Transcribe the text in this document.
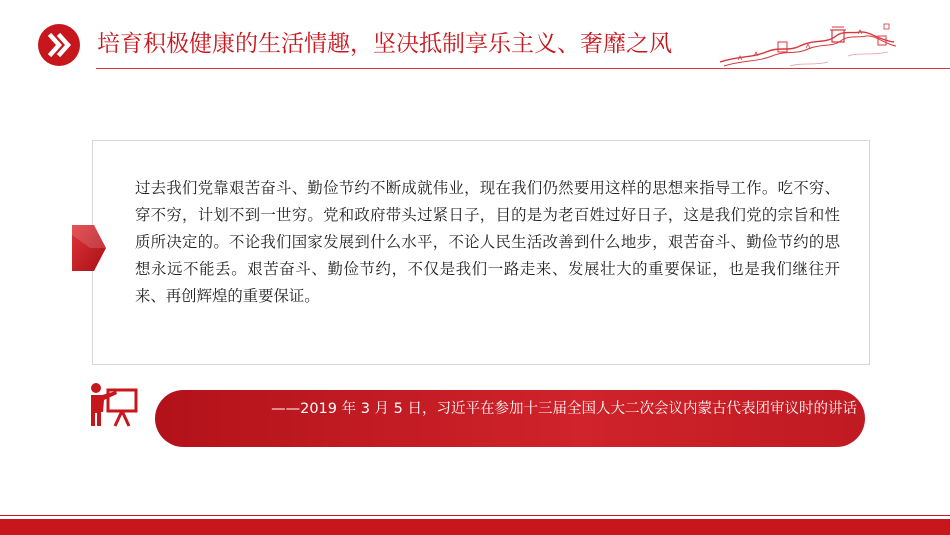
培育积极健康的生活情趣，坚决抵制享乐主义、奢靡之风

过去我们党靠艰苦奋斗、勤俭节约不断成就伟业，现在我们仍然要用这样的思想来指导工作。吃不穷、穿不穷，计划不到一世穷。党和政府带头过紧日子，目的是为老百姓过好日子，这是我们党的宗旨和性质所决定的。不论我们国家发展到什么水平，不论人民生活改善到什么地步，艰苦奋斗、勤俭节约的思想永远不能丢。艰苦奋斗、勤俭节约，不仅是我们一路走来、发展壮大的重要保证，也是我们继往开来、再创辉煌的重要保证。

——2019 年 3 月 5 日，习近平在参加十三届全国人大二次会议内蒙古代表团审议时的讲话
